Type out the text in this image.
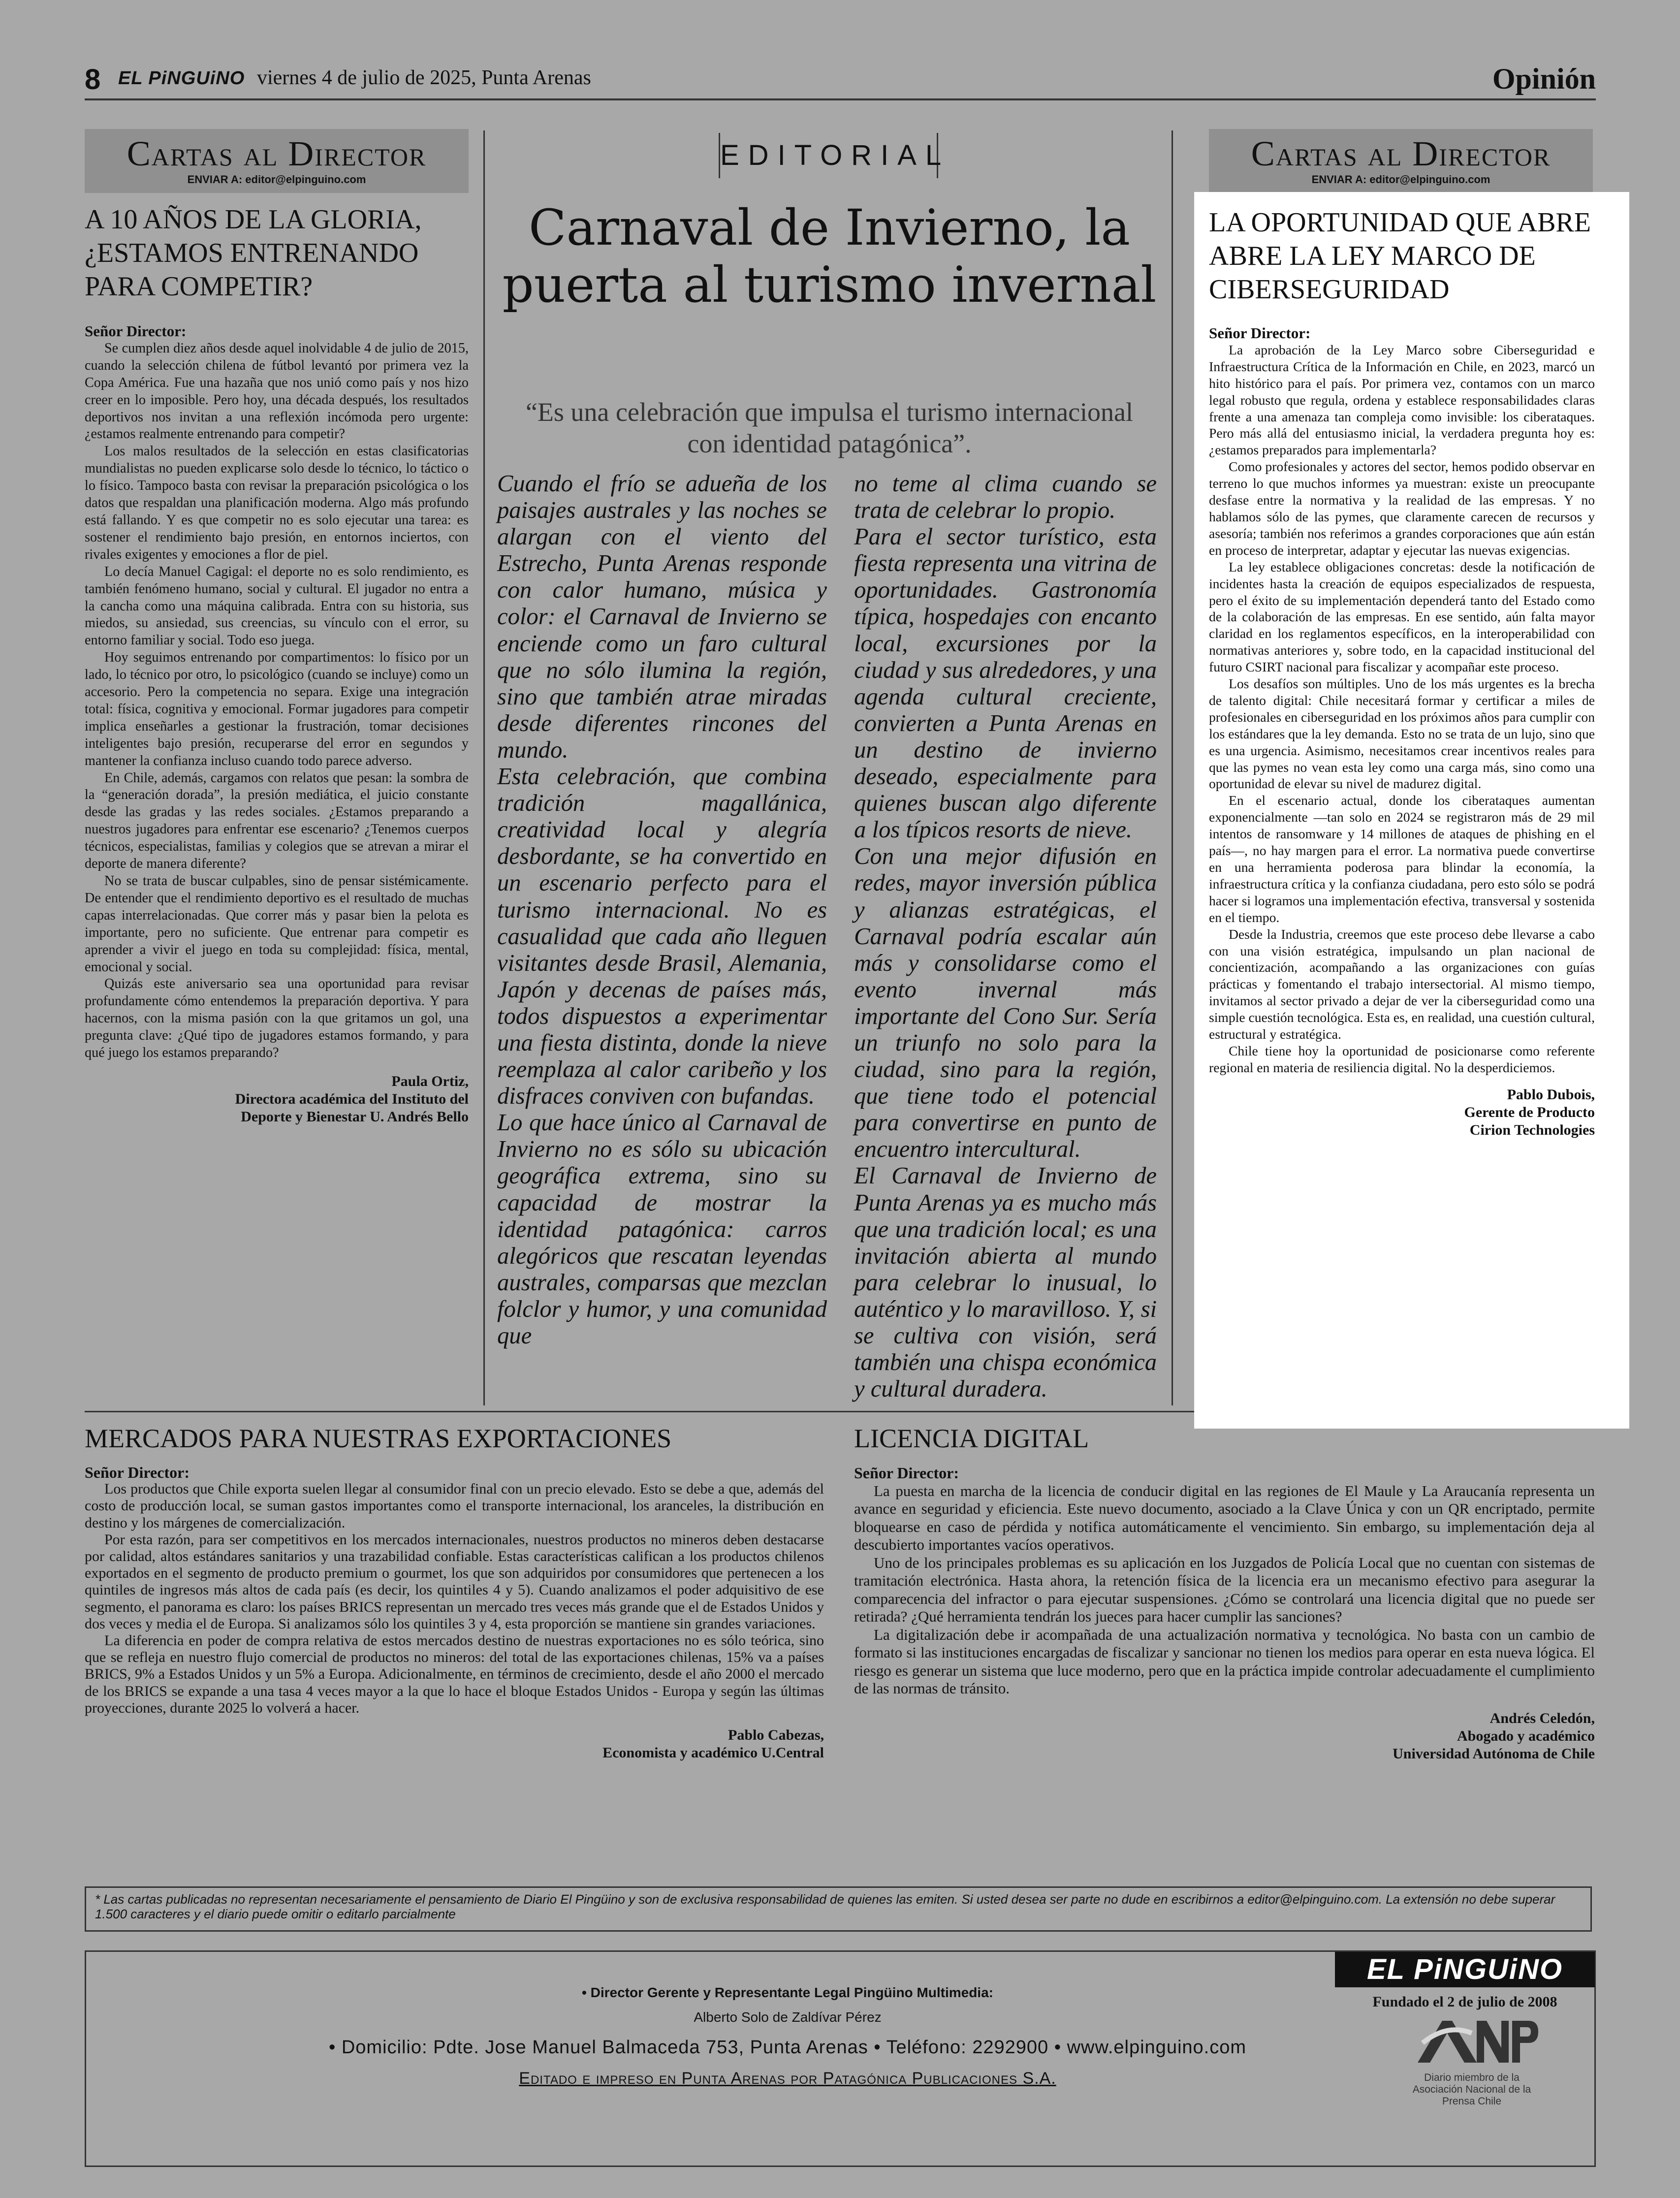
8 EL PiNGUiNO viernes 4 de julio de 2025, Punta Arenas	Opinión
Cartas al Director
ENVIAR A: editor@elpinguino.com
A 10 AÑOS DE LA GLORIA, ¿ESTAMOS ENTRENANDO PARA COMPETIR?

Señor Director:

Se cumplen diez años desde aquel inolvidable 4 de julio de 2015, cuando la selección chilena de fútbol levantó por primera vez la Copa América. Fue una hazaña que nos unió como país y nos hizo creer en lo imposible. Pero hoy, una década después, los resultados deportivos nos invitan a una reflexión incómoda pero urgente: ¿estamos realmente entrenando para competir?

Los malos resultados de la selección en estas clasificatorias mundialistas no pueden explicarse solo desde lo técnico, lo táctico o lo físico. Tampoco basta con revisar la preparación psicológica o los datos que respaldan una planificación moderna. Algo más profundo está fallando. Y es que competir no es solo ejecutar una tarea: es sostener el rendimiento bajo presión, en entornos inciertos, con rivales exigentes y emociones a flor de piel.

Lo decía Manuel Cagigal: el deporte no es solo rendimiento, es también fenómeno humano, social y cultural. El jugador no entra a la cancha como una máquina calibrada. Entra con su historia, sus miedos, su ansiedad, sus creencias, su vínculo con el error, su entorno familiar y social. Todo eso juega.

Hoy seguimos entrenando por compartimentos: lo físico por un lado, lo técnico por otro, lo psicológico (cuando se incluye) como un accesorio. Pero la competencia no separa. Exige una integración total: física, cognitiva y emocional. Formar jugadores para competir implica enseñarles a gestionar la frustración, tomar decisiones inteligentes bajo presión, recuperarse del error en segundos y mantener la confianza incluso cuando todo parece adverso.

En Chile, además, cargamos con relatos que pesan: la sombra de la “generación dorada”, la presión mediática, el juicio constante desde las gradas y las redes sociales. ¿Estamos preparando a nuestros jugadores para enfrentar ese escenario? ¿Tenemos cuerpos técnicos, especialistas, familias y colegios que se atrevan a mirar el deporte de manera diferente?

No se trata de buscar culpables, sino de pensar sistémicamente. De entender que el rendimiento deportivo es el resultado de muchas capas interrelacionadas. Que correr más y pasar bien la pelota es importante, pero no suficiente. Que entrenar para competir es aprender a vivir el juego en toda su complejidad: física, mental, emocional y social.

Quizás este aniversario sea una oportunidad para revisar profundamente cómo entendemos la preparación deportiva. Y para hacernos, con la misma pasión con la que gritamos un gol, una pregunta clave: ¿Qué tipo de jugadores estamos formando, y para qué juego los estamos preparando?

Paula Ortiz,
Directora académica del Instituto del
Deporte y Bienestar U. Andrés Bello
EDITORIAL
Carnaval de Invierno, la puerta al turismo invernal
“Es una celebración que impulsa el turismo internacional con identidad patagónica”.

Cuando el frío se adueña de los paisajes australes y las noches se alargan con el viento del Estrecho, Punta Arenas responde con calor humano, música y color: el Carnaval de Invierno se enciende como un faro cultural que no sólo ilumina la región, sino que también atrae miradas desde diferentes rincones del mundo.

Esta celebración, que combina tradición magallánica, creatividad local y alegría desbordante, se ha convertido en un escenario perfecto para el turismo internacional. No es casualidad que cada año lleguen visitantes desde Brasil, Alemania, Japón y decenas de países más, todos dispuestos a experimentar una fiesta distinta, donde la nieve reemplaza al calor caribeño y los disfraces conviven con bufandas.

Lo que hace único al Carnaval de Invierno no es sólo su ubicación geográfica extrema, sino su capacidad de mostrar la identidad patagónica: carros alegóricos que rescatan leyendas australes, comparsas que mezclan folclor y humor, y una comunidad que

no teme al clima cuando se trata de celebrar lo propio.

Para el sector turístico, esta fiesta representa una vitrina de oportunidades. Gastronomía típica, hospedajes con encanto local, excursiones por la ciudad y sus alrededores, y una agenda cultural creciente, convierten a Punta Arenas en un destino de invierno deseado, especialmente para quienes buscan algo diferente a los típicos resorts de nieve.

Con una mejor difusión en redes, mayor inversión pública y alianzas estratégicas, el Carnaval podría escalar aún más y consolidarse como el evento invernal más importante del Cono Sur. Sería un triunfo no solo para la ciudad, sino para la región, que tiene todo el potencial para convertirse en punto de encuentro intercultural.

El Carnaval de Invierno de Punta Arenas ya es mucho más que una tradición local; es una invitación abierta al mundo para celebrar lo inusual, lo auténtico y lo maravilloso. Y, si se cultiva con visión, será también una chispa económica y cultural duradera.

Cartas al Director
ENVIAR A: editor@elpinguino.com
LA OPORTUNIDAD QUE ABRE ABRE LA LEY MARCO DE CIBERSEGURIDAD

Señor Director:

La aprobación de la Ley Marco sobre Ciberseguridad e Infraestructura Crítica de la Información en Chile, en 2023, marcó un hito histórico para el país. Por primera vez, contamos con un marco legal robusto que regula, ordena y establece responsabilidades claras frente a una amenaza tan compleja como invisible: los ciberataques. Pero más allá del entusiasmo inicial, la verdadera pregunta hoy es: ¿estamos preparados para implementarla?

Como profesionales y actores del sector, hemos podido observar en terreno lo que muchos informes ya muestran: existe un preocupante desfase entre la normativa y la realidad de las empresas. Y no hablamos sólo de las pymes, que claramente carecen de recursos y asesoría; también nos referimos a grandes corporaciones que aún están en proceso de interpretar, adaptar y ejecutar las nuevas exigencias.

La ley establece obligaciones concretas: desde la notificación de incidentes hasta la creación de equipos especializados de respuesta, pero el éxito de su implementación dependerá tanto del Estado como de la colaboración de las empresas. En ese sentido, aún falta mayor claridad en los reglamentos específicos, en la interoperabilidad con normativas anteriores y, sobre todo, en la capacidad institucional del futuro CSIRT nacional para fiscalizar y acompañar este proceso.

Los desafíos son múltiples. Uno de los más urgentes es la brecha de talento digital: Chile necesitará formar y certificar a miles de profesionales en ciberseguridad en los próximos años para cumplir con los estándares que la ley demanda. Esto no se trata de un lujo, sino que es una urgencia. Asimismo, necesitamos crear incentivos reales para que las pymes no vean esta ley como una carga más, sino como una oportunidad de elevar su nivel de madurez digital.

En el escenario actual, donde los ciberataques aumentan exponencialmente —tan solo en 2024 se registraron más de 29 mil intentos de ransomware y 14 millones de ataques de phishing en el país—, no hay margen para el error. La normativa puede convertirse en una herramienta poderosa para blindar la economía, la infraestructura crítica y la confianza ciudadana, pero esto sólo se podrá hacer si logramos una implementación efectiva, transversal y sostenida en el tiempo.

Desde la Industria, creemos que este proceso debe llevarse a cabo con una visión estratégica, impulsando un plan nacional de concientización, acompañando a las organizaciones con guías prácticas y fomentando el trabajo intersectorial. Al mismo tiempo, invitamos al sector privado a dejar de ver la ciberseguridad como una simple cuestión tecnológica. Esta es, en realidad, una cuestión cultural, estructural y estratégica.

Chile tiene hoy la oportunidad de posicionarse como referente regional en materia de resiliencia digital. No la desperdiciemos.

Pablo Dubois,
Gerente de Producto
Cirion Technologies
MERCADOS PARA NUESTRAS EXPORTACIONES

Señor Director:

Los productos que Chile exporta suelen llegar al consumidor final con un precio elevado. Esto se debe a que, además del costo de producción local, se suman gastos importantes como el transporte internacional, los aranceles, la distribución en destino y los márgenes de comercialización.

Por esta razón, para ser competitivos en los mercados internacionales, nuestros productos no mineros deben destacarse por calidad, altos estándares sanitarios y una trazabilidad confiable. Estas características califican a los productos chilenos exportados en el segmento de producto premium o gourmet, los que son adquiridos por consumidores que pertenecen a los quintiles de ingresos más altos de cada país (es decir, los quintiles 4 y 5). Cuando analizamos el poder adquisitivo de ese segmento, el panorama es claro: los países BRICS representan un mercado tres veces más grande que el de Estados Unidos y dos veces y media el de Europa. Si analizamos sólo los quintiles 3 y 4, esta proporción se mantiene sin grandes variaciones.

La diferencia en poder de compra relativa de estos mercados destino de nuestras exportaciones no es sólo teórica, sino que se refleja en nuestro flujo comercial de productos no mineros: del total de las exportaciones chilenas, 15% va a países BRICS, 9% a Estados Unidos y un 5% a Europa. Adicionalmente, en términos de crecimiento, desde el año 2000 el mercado de los BRICS se expande a una tasa 4 veces mayor a la que lo hace el bloque Estados Unidos - Europa y según las últimas proyecciones, durante 2025 lo volverá a hacer.

Pablo Cabezas,
Economista y académico U.Central
LICENCIA DIGITAL

Señor Director:

La puesta en marcha de la licencia de conducir digital en las regiones de El Maule y La Araucanía representa un avance en seguridad y eficiencia. Este nuevo documento, asociado a la Clave Única y con un QR encriptado, permite bloquearse en caso de pérdida y notifica automáticamente el vencimiento. Sin embargo, su implementación deja al descubierto importantes vacíos operativos.

Uno de los principales problemas es su aplicación en los Juzgados de Policía Local que no cuentan con sistemas de tramitación electrónica. Hasta ahora, la retención física de la licencia era un mecanismo efectivo para asegurar la comparecencia del infractor o para ejecutar suspensiones. ¿Cómo se controlará una licencia digital que no puede ser retirada? ¿Qué herramienta tendrán los jueces para hacer cumplir las sanciones?

La digitalización debe ir acompañada de una actualización normativa y tecnológica. No basta con un cambio de formato si las instituciones encargadas de fiscalizar y sancionar no tienen los medios para operar en esta nueva lógica. El riesgo es generar un sistema que luce moderno, pero que en la práctica impide controlar adecuadamente el cumplimiento de las normas de tránsito.

Andrés Celedón,
Abogado y académico
Universidad Autónoma de Chile
* Las cartas publicadas no representan necesariamente el pensamiento de Diario El Pingüino y son de exclusiva responsabilidad de quienes las emiten. Si usted desea ser parte no dude en escribirnos a editor@elpinguino.com. La extensión no debe superar 1.500 caracteres y el diario puede omitir o editarlo parcialmente
• Director Gerente y Representante Legal Pingüino Multimedia:
Alberto Solo de Zaldívar Pérez
• Domicilio: Pdte. Jose Manuel Balmaceda 753, Punta Arenas • Teléfono: 2292900 • www.elpinguino.com
Editado e impreso en Punta Arenas por Patagónica Publicaciones S.A.
EL PiNGUiNO
Fundado el 2 de julio de 2008
Diario miembro de la Asociación Nacional de la Prensa Chile
